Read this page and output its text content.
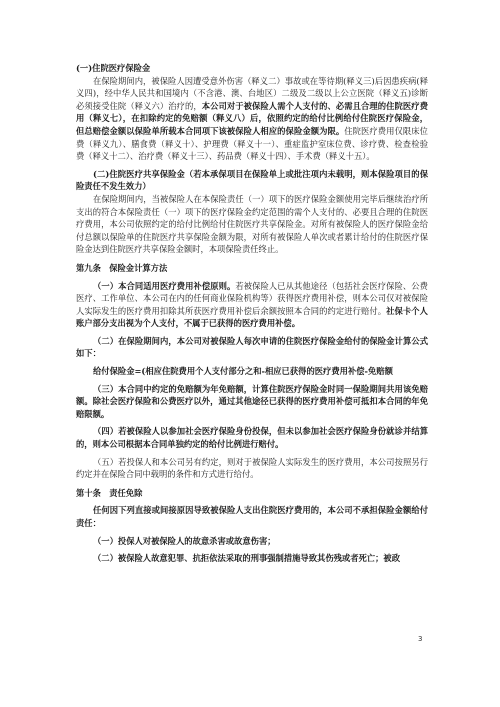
(一)住院医疗保险金

在保险期间内，被保险人因遭受意外伤害（释义二）事故或在等待期(释义三)后因患疾病(释义四)，经中华人民共和国境内（不含港、澳、台地区）二级及二级以上公立医院（释义五)诊断必须接受住院（释义六）治疗的，本公司对于被保险人需个人支付的、必需且合理的住院医疗费用（释义七），在扣除约定的免赔额（释义八）后，依照约定的给付比例给付住院医疗保险金，但总赔偿金额以保险单所载本合同项下该被保险人相应的保险金额为限。住院医疗费用仅限床位费（释义九）、膳食费（释义十）、护理费（释义十一）、重症监护室床位费、诊疗费、检查检验费（释义十二）、治疗费（释义十三）、药品费（释义十四）、手术费（释义十五）。

(二)住院医疗共享保险金（若本承保项目在保险单上或批注项内未载明，则本保险项目的保险责任不发生效力）

在保险期间内，当被保险人在本保险责任（一）项下的医疗保险金额使用完毕后继续治疗所支出的符合本保险责任（一）项下的医疗保险金约定范围的需个人支付的、必要且合理的住院医疗费用，本公司依照约定的给付比例给付住院医疗共享保险金。对所有被保险人的医疗保险金给付总额以保险单的住院医疗共享保险金额为限，对所有被保险人单次或者累计给付的住院医疗保险金达到住院医疗共享保险金额时，本项保险责任终止。

第九条　保险金计算方法

（一）本合同适用医疗费用补偿原则。若被保险人已从其他途径（包括社会医疗保险、公费医疗、工作单位、本公司在内的任何商业保险机构等）获得医疗费用补偿，则本公司仅对被保险人实际发生的医疗费用扣除其所获医疗费用补偿后余额按照本合同的约定进行赔付。社保卡个人账户部分支出视为个人支付，不属于已获得的医疗费用补偿。

（二）在保险期间内，本公司对被保险人每次申请的住院医疗保险金给付的保险金计算公式如下：

给付保险金=(相应住院费用个人支付部分之和-相应已获得的医疗费用补偿-免赔额

（三）本合同中约定的免赔额为年免赔额，计算住院医疗保险金时同一保险期间共用该免赔额。除社会医疗保险和公费医疗以外，通过其他途径已获得的医疗费用补偿可抵扣本合同的年免赔限额。

（四）若被保险人以参加社会医疗保险身份投保，但未以参加社会医疗保险身份就诊并结算的，则本公司根据本合同单独约定的给付比例进行赔付。

（五）若投保人和本公司另有约定，则对于被保险人实际发生的医疗费用，本公司按照另行约定并在保险合同中载明的条件和方式进行给付。

第十条　责任免除

任何因下列直接或间接原因导致被保险人支出住院医疗费用的，本公司不承担保险金额给付责任：

（一）投保人对被保险人的故意杀害或故意伤害；

（二）被保险人故意犯罪、抗拒依法采取的刑事强制措施导致其伤残或者死亡；被政

3
